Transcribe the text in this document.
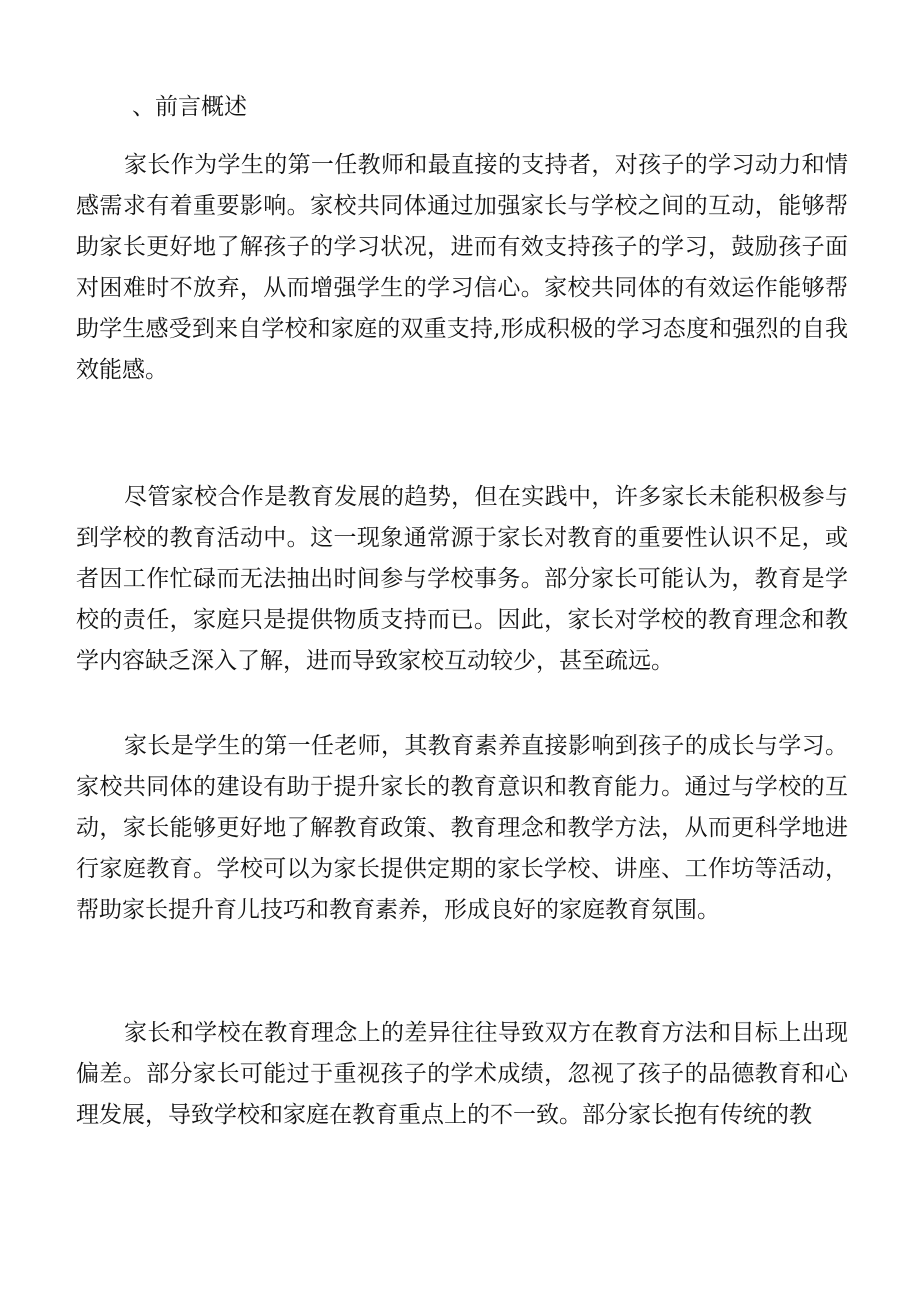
、前言概述

家长作为学生的第一任教师和最直接的支持者，对孩子的学习动力和情感需求有着重要影响。家校共同体通过加强家长与学校之间的互动，能够帮助家长更好地了解孩子的学习状况，进而有效支持孩子的学习，鼓励孩子面对困难时不放弃，从而增强学生的学习信心。家校共同体的有效运作能够帮助学生感受到来自学校和家庭的双重支持,形成积极的学习态度和强烈的自我效能感。

尽管家校合作是教育发展的趋势，但在实践中，许多家长未能积极参与到学校的教育活动中。这一现象通常源于家长对教育的重要性认识不足，或者因工作忙碌而无法抽出时间参与学校事务。部分家长可能认为，教育是学校的责任，家庭只是提供物质支持而已。因此，家长对学校的教育理念和教学内容缺乏深入了解，进而导致家校互动较少，甚至疏远。

家长是学生的第一任老师，其教育素养直接影响到孩子的成长与学习。家校共同体的建设有助于提升家长的教育意识和教育能力。通过与学校的互动，家长能够更好地了解教育政策、教育理念和教学方法，从而更科学地进行家庭教育。学校可以为家长提供定期的家长学校、讲座、工作坊等活动，帮助家长提升育儿技巧和教育素养，形成良好的家庭教育氛围。

家长和学校在教育理念上的差异往往导致双方在教育方法和目标上出现偏差。部分家长可能过于重视孩子的学术成绩，忽视了孩子的品德教育和心理发展，导致学校和家庭在教育重点上的不一致。部分家长抱有传统的教
